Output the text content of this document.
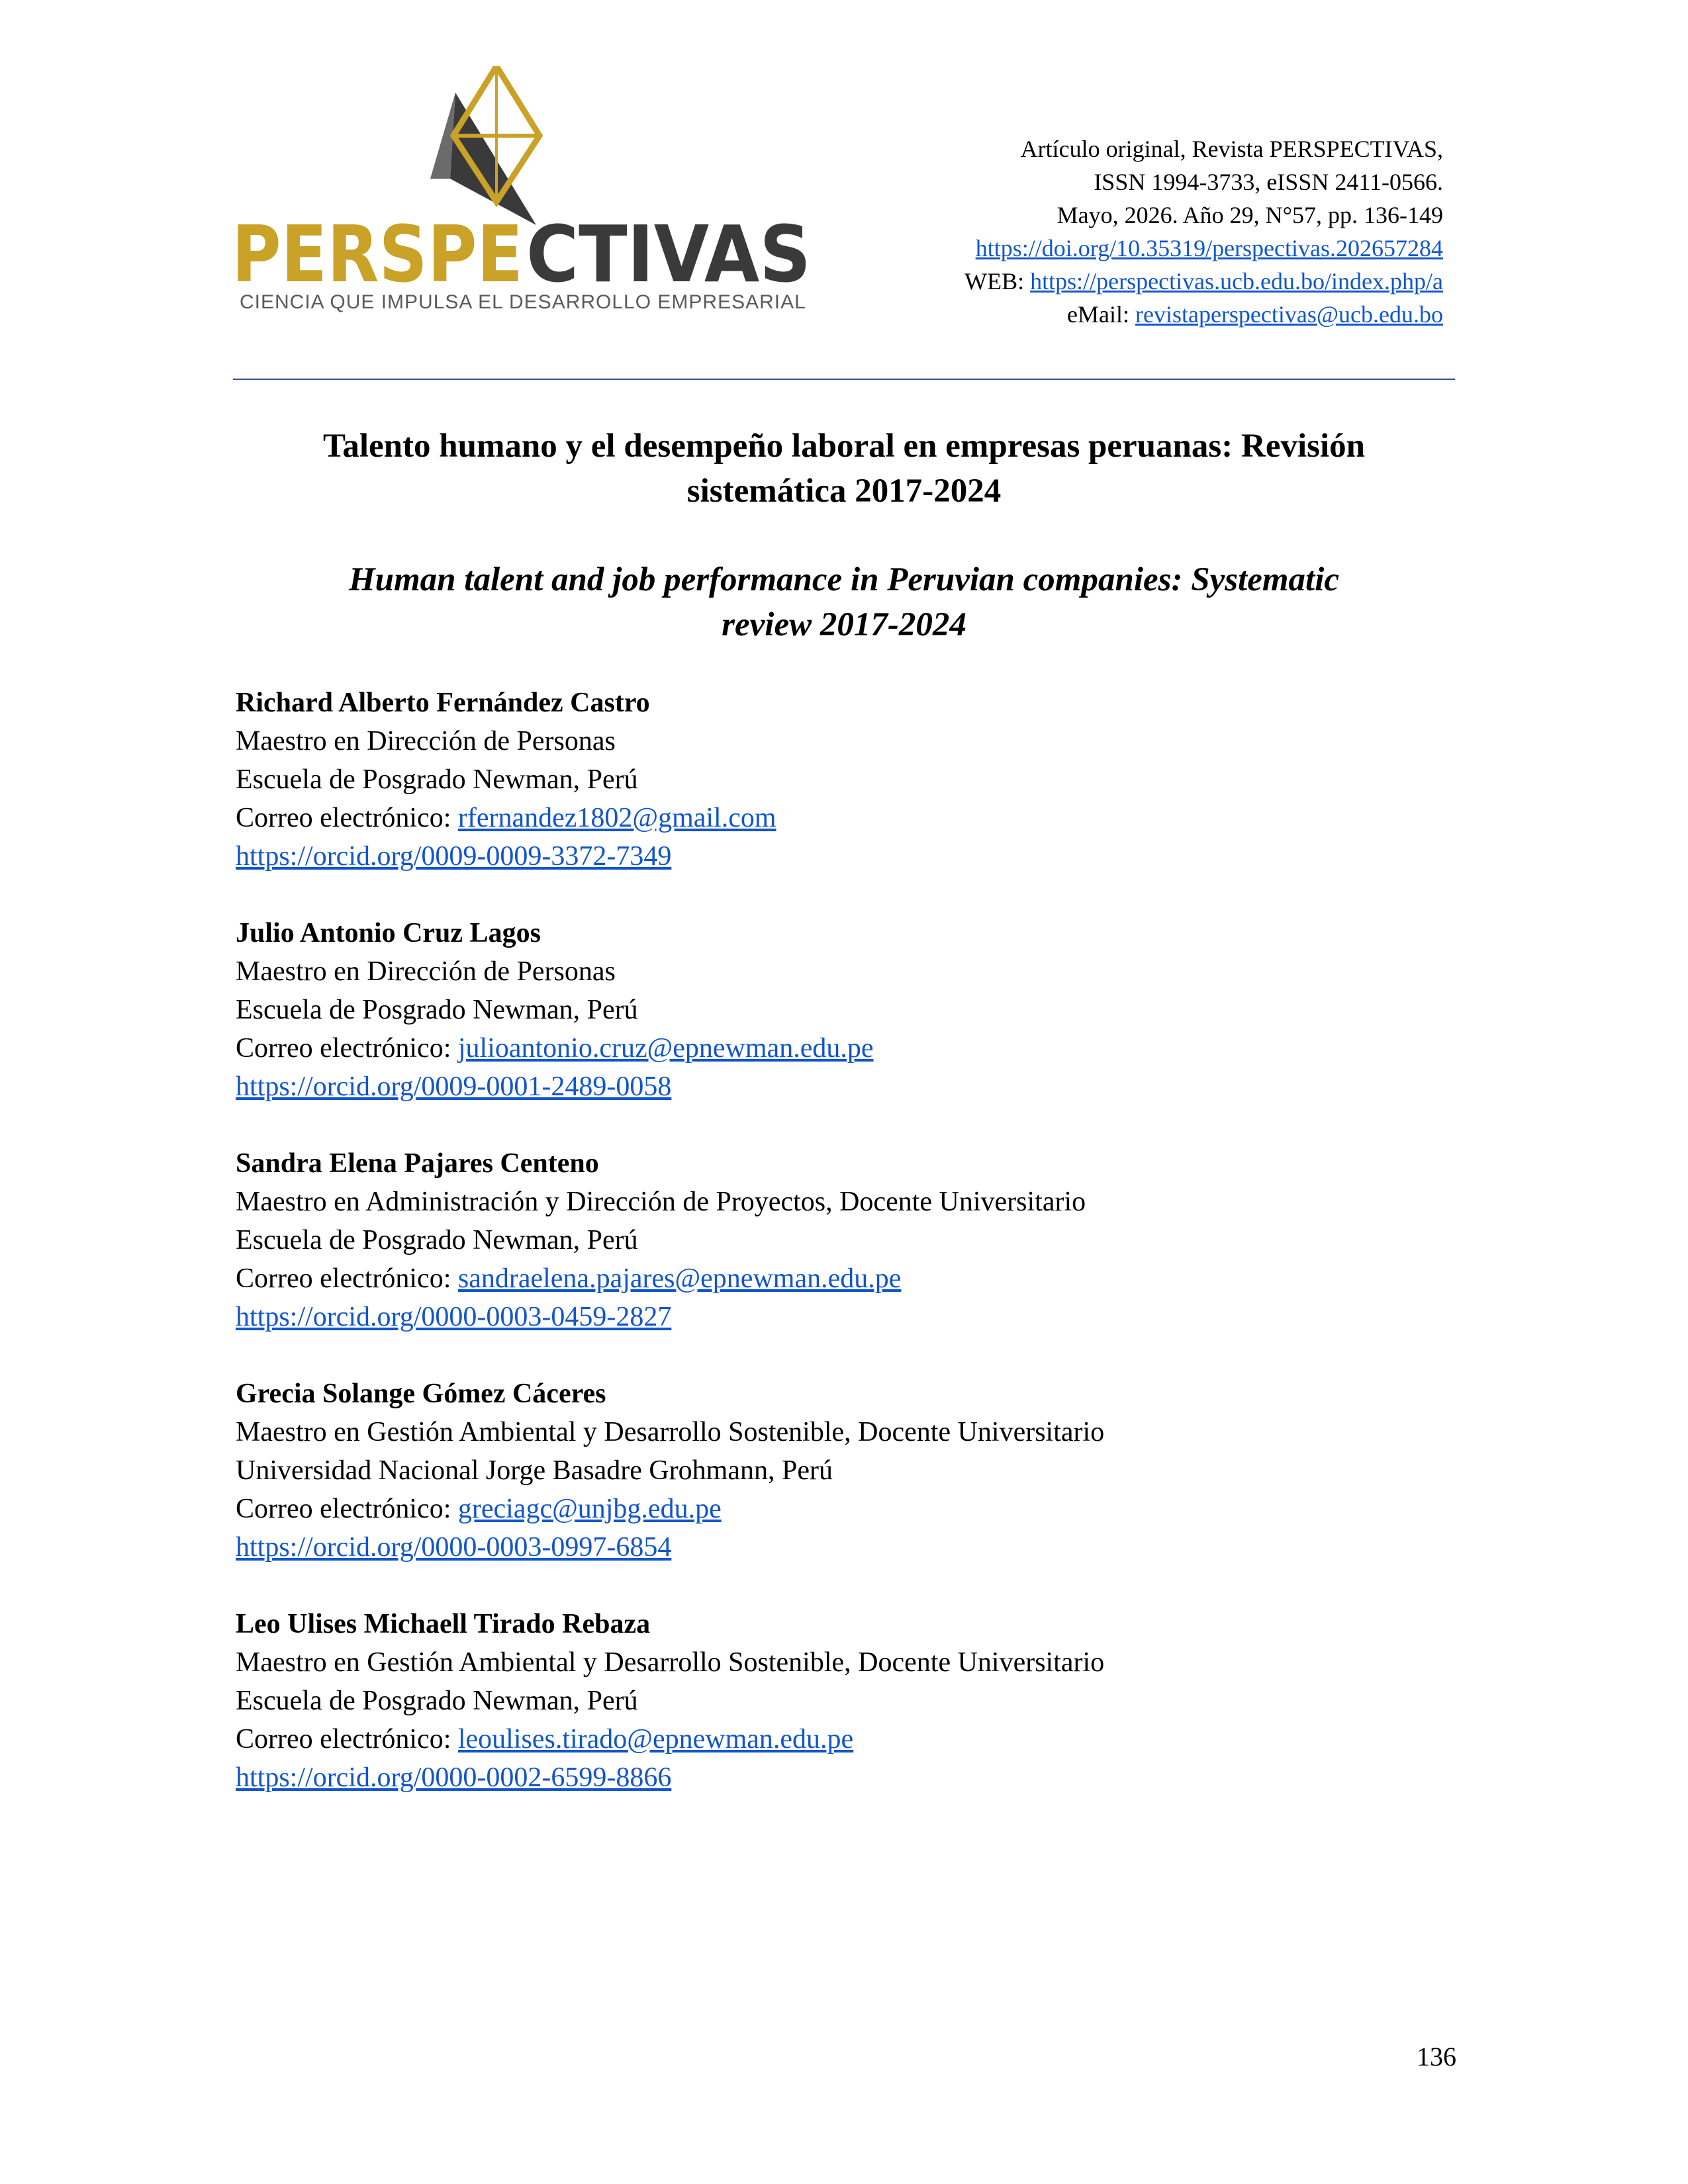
PERSPE CTIVAS
CIENCIA QUE IMPULSA EL DESARROLLO EMPRESARIAL
Artículo original, Revista PERSPECTIVAS,
ISSN 1994-3733, eISSN 2411-0566.
Mayo, 2026. Año 29, N°57, pp. 136-149
https://doi.org/10.35319/perspectivas.202657284
WEB: https://perspectivas.ucb.edu.bo/index.php/a
eMail: revistaperspectivas@ucb.edu.bo
Talento humano y el desempeño laboral en empresas peruanas: Revisión
sistemática 2017-2024
Human talent and job performance in Peruvian companies: Systematic
review 2017-2024
Richard Alberto Fernández Castro
Maestro en Dirección de Personas
Escuela de Posgrado Newman, Perú
Correo electrónico: rfernandez1802@gmail.com
https://orcid.org/0009-0009-3372-7349
Julio Antonio Cruz Lagos
Maestro en Dirección de Personas
Escuela de Posgrado Newman, Perú
Correo electrónico: julioantonio.cruz@epnewman.edu.pe
https://orcid.org/0009-0001-2489-0058
Sandra Elena Pajares Centeno
Maestro en Administración y Dirección de Proyectos, Docente Universitario
Escuela de Posgrado Newman, Perú
Correo electrónico: sandraelena.pajares@epnewman.edu.pe
https://orcid.org/0000-0003-0459-2827
Grecia Solange Gómez Cáceres
Maestro en Gestión Ambiental y Desarrollo Sostenible, Docente Universitario
Universidad Nacional Jorge Basadre Grohmann, Perú
Correo electrónico: greciagc@unjbg.edu.pe
https://orcid.org/0000-0003-0997-6854
Leo Ulises Michaell Tirado Rebaza
Maestro en Gestión Ambiental y Desarrollo Sostenible, Docente Universitario
Escuela de Posgrado Newman, Perú
Correo electrónico: leoulises.tirado@epnewman.edu.pe
https://orcid.org/0000-0002-6599-8866
136
